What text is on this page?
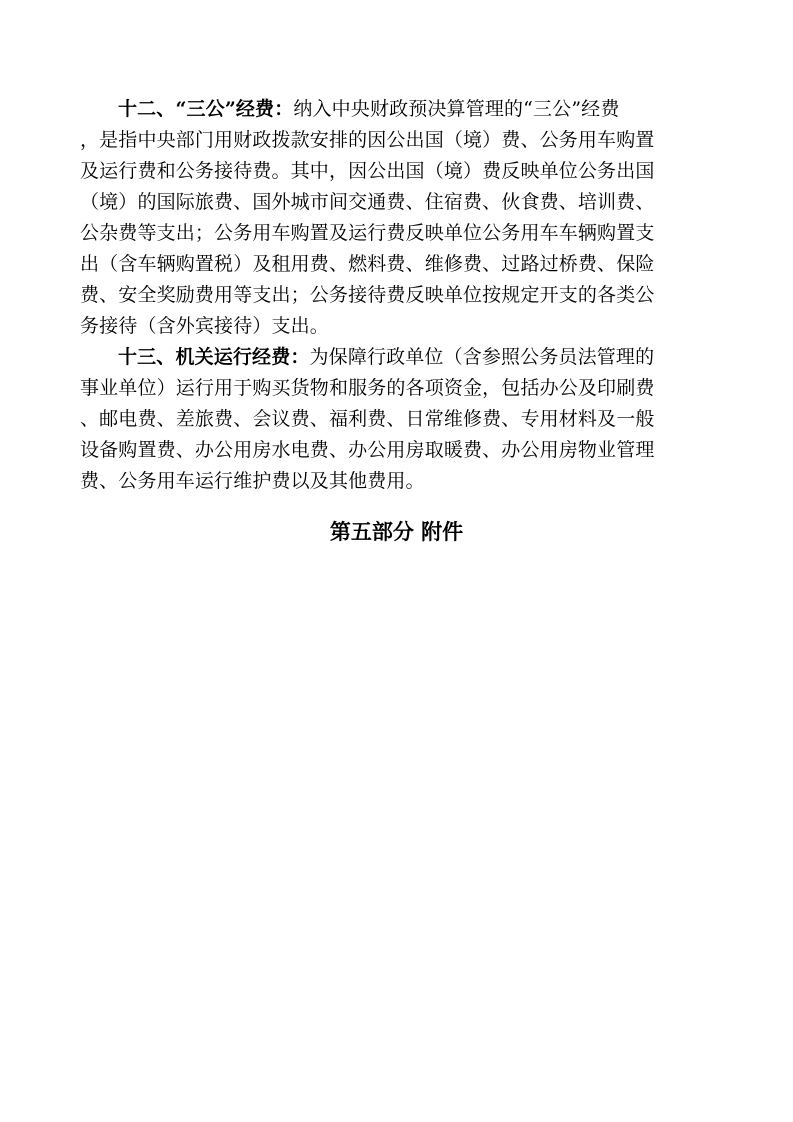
十二、“三公”经费：纳入中央财政预决算管理的“三公”经费
，是指中央部门用财政拨款安排的因公出国（境）费、公务用车购置
及运行费和公务接待费。其中，因公出国（境）费反映单位公务出国
（境）的国际旅费、国外城市间交通费、住宿费、伙食费、培训费、
公杂费等支出；公务用车购置及运行费反映单位公务用车车辆购置支
出（含车辆购置税）及租用费、燃料费、维修费、过路过桥费、保险
费、安全奖励费用等支出；公务接待费反映单位按规定开支的各类公
务接待（含外宾接待）支出。
十三、机关运行经费：为保障行政单位（含参照公务员法管理的
事业单位）运行用于购买货物和服务的各项资金，包括办公及印刷费
、邮电费、差旅费、会议费、福利费、日常维修费、专用材料及一般
设备购置费、办公用房水电费、办公用房取暖费、办公用房物业管理
费、公务用车运行维护费以及其他费用。
第五部分 附件
